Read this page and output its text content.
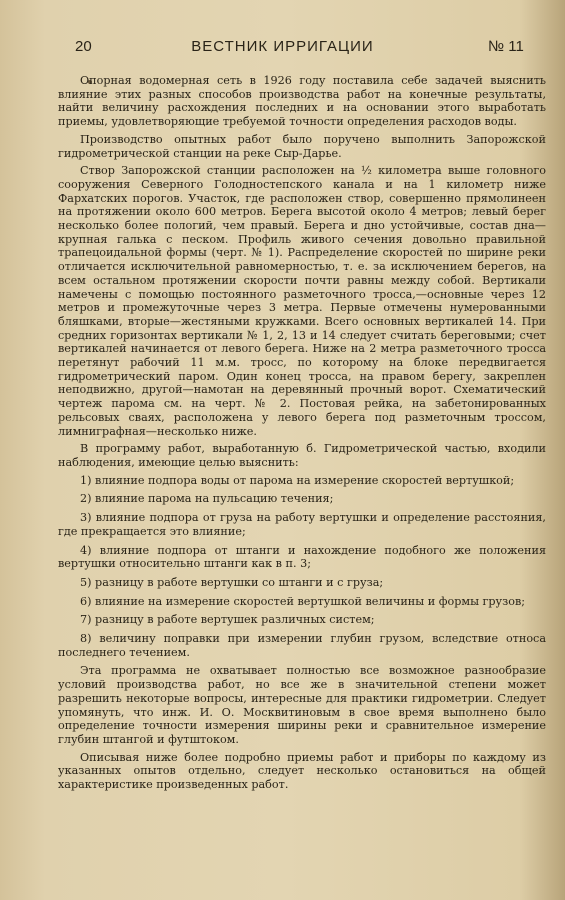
20	ВЕСТНИК ИРРИГАЦИИ	№ 11

Опорная водомерная сеть в 1926 году поставила себе задачей выяснить влияние этих разных способов производства работ на конечные результаты, найти величину расхождения последних и на основании этого выработать приемы, удовлетворяющие требуемой точности определения расходов воды.

Производство опытных работ было поручено выполнить Запорожской гидрометрической станции на реке Сыр-Дарье.

Створ Запорожской станции расположен на ½ километра выше головного сооружения Северного Голодностепского канала и на 1 километр ниже Фархатских порогов. Участок, где расположен створ, совершенно прямолинеен на протяжении около 600 метров. Берега высотой около 4 метров; левый берег несколько более пологий, чем правый. Берега и дно устойчивые, состав дна—крупная галька с песком. Профиль живого сечения довольно правильной трапецоидальной формы (черт. № 1). Распределение скоростей по ширине реки отличается исключительной равномерностью, т. е. за исключением берегов, на всем остальном протяжении скорости почти равны между собой. Вертикали намечены с помощью постоянного разметочного тросса,—основные через 12 метров и промежуточные через 3 метра. Первые отмечены нумерованными бляшками, вторые—жестяными кружками. Всего основных вертикалей 14. При средних горизонтах вертикали № 1, 2, 13 и 14 следует считать береговыми; счет вертикалей начинается от левого берега. Ниже на 2 метра разметочного тросса перетянут рабочий 11 м.м. тросс, по которому на блоке передвигается гидрометрический паром. Один конец тросса, на правом берегу, закреплен неподвижно, другой—намотан на деревянный прочный ворот. Схематический чертеж парома см. на черт. № 2. Постовая рейка, на забетонированных рельсовых сваях, расположена у левого берега под разметочным троссом, лимниграфная—несколько ниже.

В программу работ, выработанную б. Гидрометрической частью, входили наблюдения, имеющие целью выяснить:

1) влияние подпора воды от парома на измерение скоростей вертушкой;

2) влияние парома на пульсацию течения;

3) влияние подпора от груза на работу вертушки и определение расстояния, где прекращается это влияние;

4) влияние подпора от штанги и нахождение подобного же положения вертушки относительно штанги как в п. 3;

5) разницу в работе вертушки со штанги и с груза;

6) влияние на измерение скоростей вертушкой величины и формы грузов;

7) разницу в работе вертушек различных систем;

8) величину поправки при измерении глубин грузом, вследствие относа последнего течением.

Эта программа не охватывает полностью все возможное разнообразие условий производства работ, но все же в значительной степени может разрешить некоторые вопросы, интересные для практики гидрометрии. Следует упомянуть, что инж. И. О. Москвитиновым в свое время выполнено было определение точности измерения ширины реки и сравнительное измерение глубин штангой и футштоком.

Описывая ниже более подробно приемы работ и приборы по каждому из указанных опытов отдельно, следует несколько остановиться на общей характеристике произведенных работ.
